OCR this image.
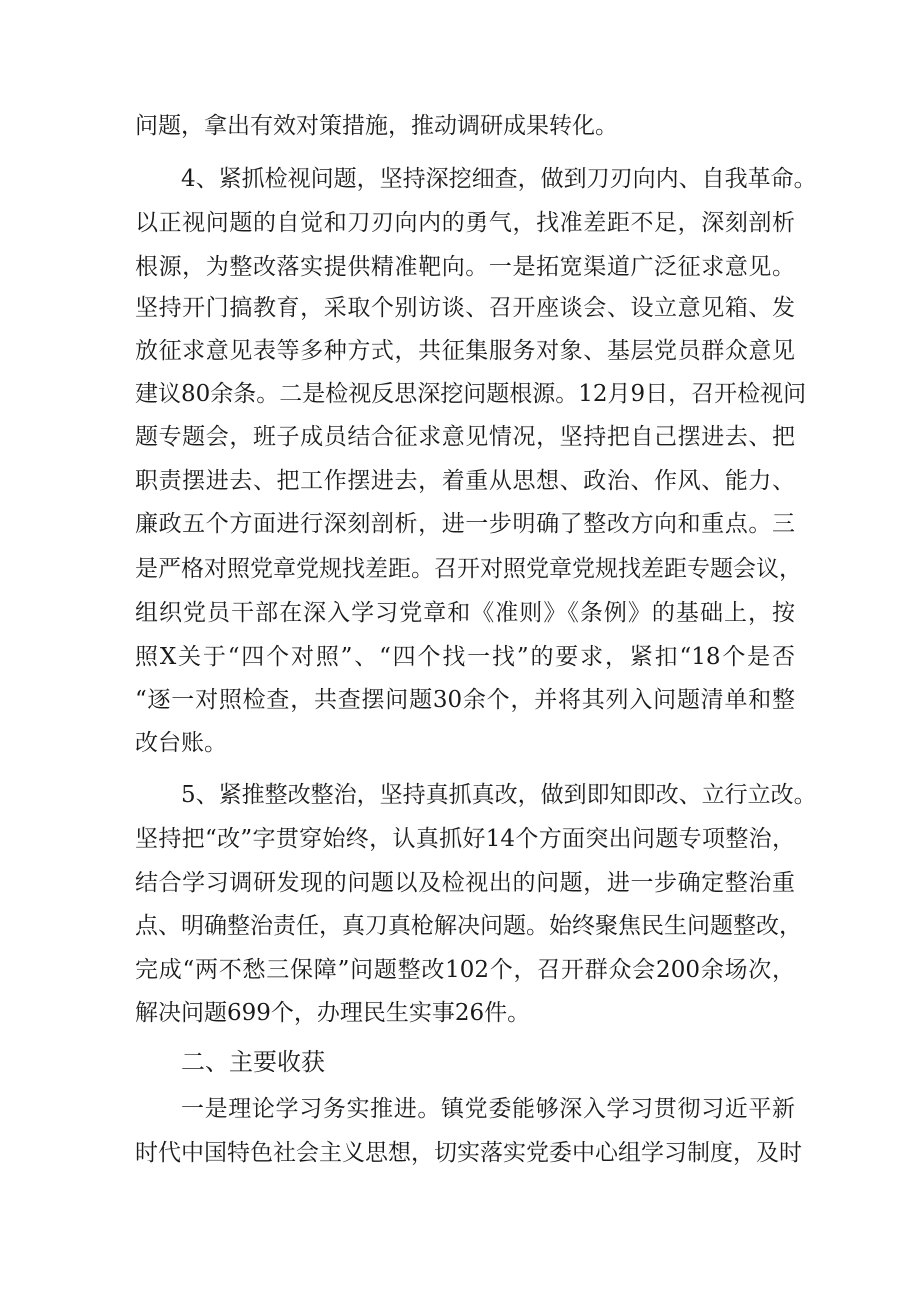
问题，拿出有效对策措施，推动调研成果转化。
4、紧抓检视问题，坚持深挖细查，做到刀刃向内、自我革命。
以正视问题的自觉和刀刃向内的勇气，找准差距不足，深刻剖析
根源，为整改落实提供精准靶向。一是拓宽渠道广泛征求意见。
坚持开门搞教育，采取个别访谈、召开座谈会、设立意见箱、发
放征求意见表等多种方式，共征集服务对象、基层党员群众意见
建议80余条。二是检视反思深挖问题根源。12月9日，召开检视问
题专题会，班子成员结合征求意见情况，坚持把自己摆进去、把
职责摆进去、把工作摆进去，着重从思想、政治、作风、能力、
廉政五个方面进行深刻剖析，进一步明确了整改方向和重点。三
是严格对照党章党规找差距。召开对照党章党规找差距专题会议，
组织党员干部在深入学习党章和《准则》《条例》的基础上，按
照X关于“四个对照”、“四个找一找”的要求，紧扣“18个是否
“逐一对照检查，共查摆问题30余个，并将其列入问题清单和整
改台账。
5、紧推整改整治，坚持真抓真改，做到即知即改、立行立改。
坚持把“改”字贯穿始终，认真抓好14个方面突出问题专项整治，
结合学习调研发现的问题以及检视出的问题，进一步确定整治重
点、明确整治责任，真刀真枪解决问题。始终聚焦民生问题整改，
完成“两不愁三保障”问题整改102个，召开群众会200余场次，
解决问题699个，办理民生实事26件。
二、主要收获
一是理论学习务实推进。镇党委能够深入学习贯彻习近平新
时代中国特色社会主义思想，切实落实党委中心组学习制度，及时
